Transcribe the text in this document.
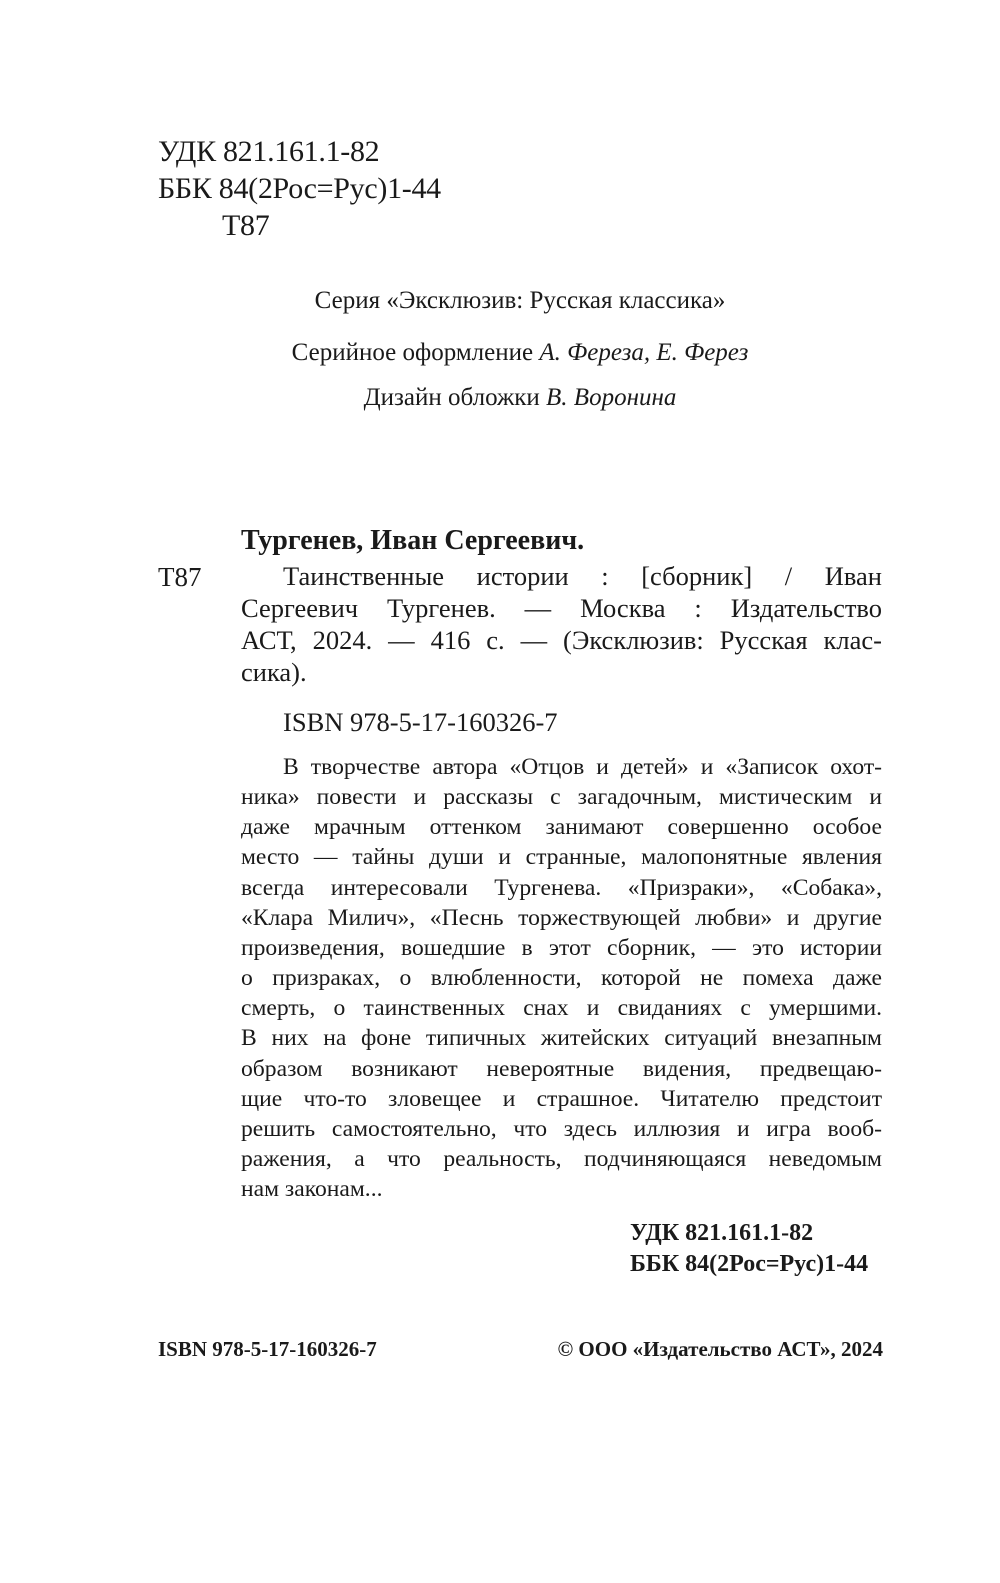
УДК 821.161.1-82
ББК 84(2Рос=Рус)1-44
Т87
Серия «Эксклюзив: Русская классика»
Серийное оформление А. Фереза, Е. Ферез
Дизайн обложки В. Воронина
Тургенев, Иван Сергеевич.
Т87	Таинственные истории : [сборник] / Иван
Сергеевич Тургенев. — Москва : Издательство
АСТ, 2024. — 416 с. — (Эксклюзив: Русская клас-
сика).
ISBN 978-5-17-160326-7
В творчестве автора «Отцов и детей» и «Записок охот-
ника» повести и рассказы с загадочным, мистическим и
даже мрачным оттенком занимают совершенно особое
место — тайны души и странные, малопонятные явления
всегда интересовали Тургенева. «Призраки», «Собака»,
«Клара Милич», «Песнь торжествующей любви» и другие
произведения, вошедшие в этот сборник, — это истории
о призраках, о влюбленности, которой не помеха даже
смерть, о таинственных снах и свиданиях с умершими.
В них на фоне типичных житейских ситуаций внезапным
образом возникают невероятные видения, предвещаю-
щие что-то зловещее и страшное. Читателю предстоит
решить самостоятельно, что здесь иллюзия и игра вооб-
ражения, а что реальность, подчиняющаяся неведомым
нам законам...
УДК 821.161.1-82
ББК 84(2Рос=Рус)1-44
ISBN 978-5-17-160326-7	© ООО «Издательство АСТ», 2024
